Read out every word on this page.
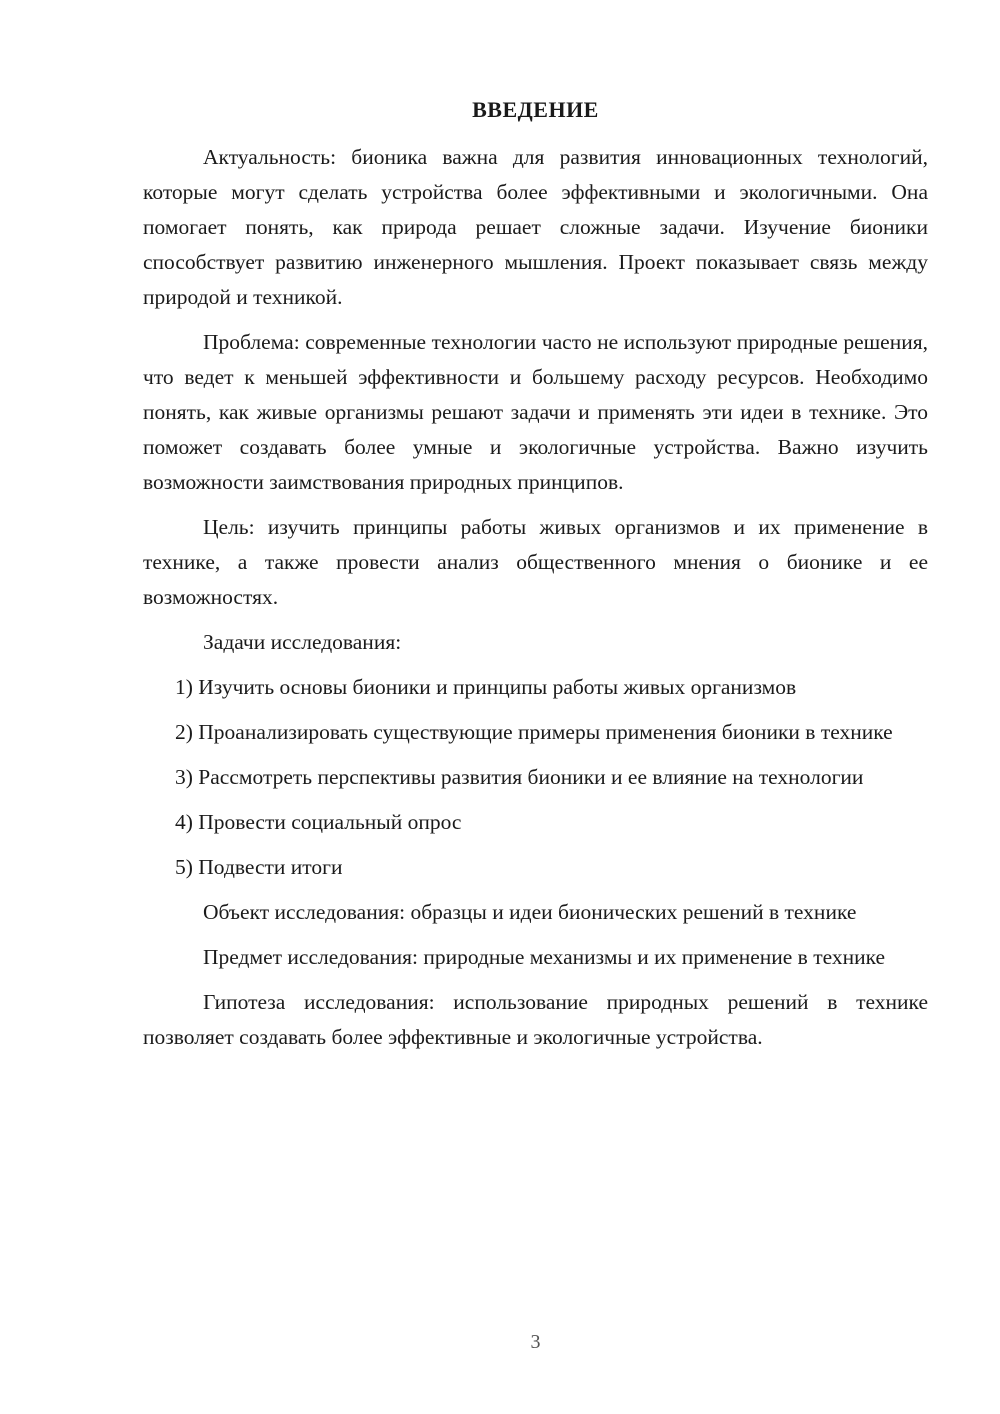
ВВЕДЕНИЕ

Актуальность: бионика важна для развития инновационных технологий, которые могут сделать устройства более эффективными и экологичными. Она помогает понять, как природа решает сложные задачи. Изучение бионики способствует развитию инженерного мышления. Проект показывает связь между природой и техникой.

Проблема: современные технологии часто не используют природные решения, что ведет к меньшей эффективности и большему расходу ресурсов. Необходимо понять, как живые организмы решают задачи и применять эти идеи в технике. Это поможет создавать более умные и экологичные устройства. Важно изучить возможности заимствования природных принципов.

Цель: изучить принципы работы живых организмов и их применение в технике, а также провести анализ общественного мнения о бионике и ее возможностях.

Задачи исследования:

1) Изучить основы бионики и принципы работы живых организмов

2) Проанализировать существующие примеры применения бионики в технике

3) Рассмотреть перспективы развития бионики и ее влияние на технологии

4) Провести социальный опрос

5) Подвести итоги

Объект исследования: образцы и идеи бионических решений в технике

Предмет исследования: природные механизмы и их применение в технике

Гипотеза исследования: использование природных решений в технике позволяет создавать более эффективные и экологичные устройства.

3
